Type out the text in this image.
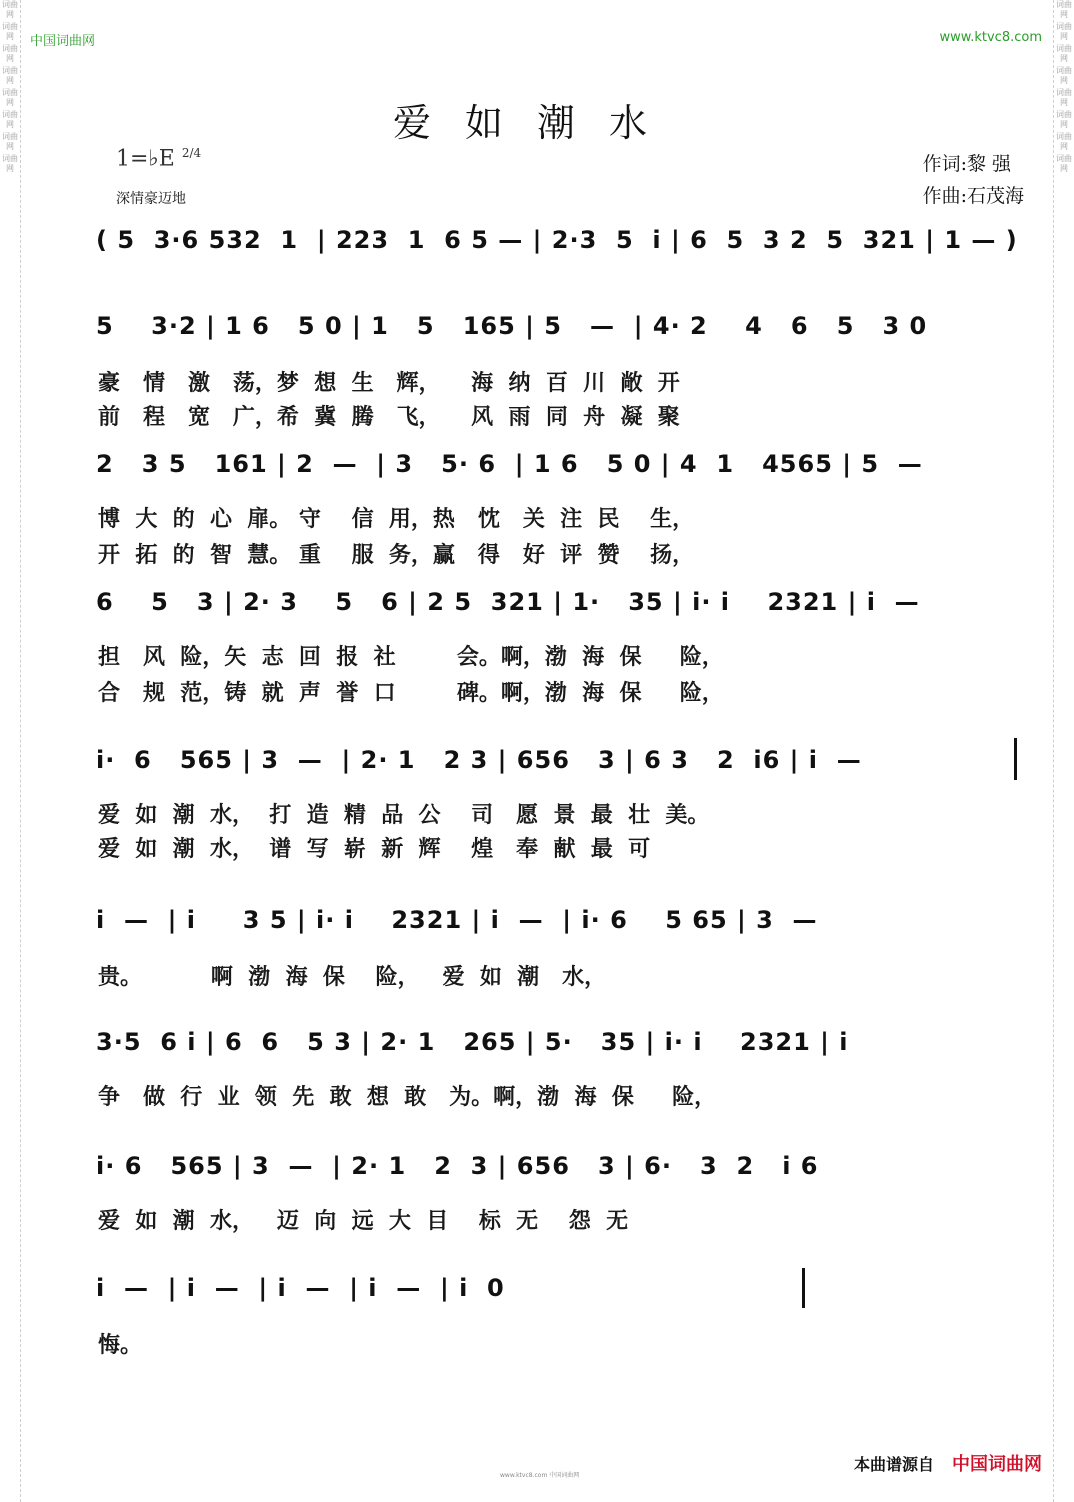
词曲网
词曲网
词曲网
词曲网
词曲网
词曲网
词曲网
词曲网
词曲网
词曲网
词曲网
词曲网
词曲网
词曲网
词曲网
词曲网
中国词曲网	www.ktvc8.com
爱如潮水
1=♭E $^{2/4}$
深情豪迈地
作词:黎 强
作曲:石茂海
( 5  3·6 532  1  | 223  1  6 5 — | 2·3  5  i | 6  5  3 2  5  321 | 1 — )
5    3·2 | 1 6   5 0 | 1   5   165 | 5   —  | 4· 2    4   6   5   3 0
豪   情   激   荡，梦  想  生   辉，    海  纳  百  川  敞  开
前   程   宽   广，希  冀  腾   飞，    风  雨  同  舟  凝  聚
2   3 5   161 | 2  —  | 3   5· 6  | 1 6   5 0 | 4  1   4565 | 5  —
博  大  的  心  扉。 守    信  用，热   忱   关  注  民    生，
开  拓  的  智  慧。 重    服  务，赢   得   好  评  赞    扬，
6    5   3 | 2· 3    5   6 | 2 5  321 | 1·   35 | i· i    2321 | i  —
担   风  险，矢  志  回  报  社        会。啊，渤  海  保     险，
合   规  范，铸  就  声  誉  口        碑。啊，渤  海  保     险，
i·  6   565 | 3  —  | 2· 1   2 3 | 656   3 | 6 3   2  i6 | i  —
爱  如  潮  水，  打  造  精  品  公    司   愿  景  最  壮  美。
爱  如  潮  水，  谱  写  崭  新  辉    煌   奉  献  最  可
i  —  | i     3 5 | i· i    2321 | i  —  | i· 6    5 65 | 3  —
贵。         啊  渤  海  保    险，   爱  如  潮   水，
3·5  6 i | 6  6   5 3 | 2· 1   265 | 5·   35 | i· i    2321 | i
争   做  行  业  领  先  敢  想  敢   为。啊，渤  海  保     险，
i· 6   565 | 3  —  | 2· 1   2  3 | 656   3 | 6·   3  2   i 6
爱  如  潮  水，   迈  向  远  大  目    标  无    怨  无
i  —  | i  —  | i  —  | i  —  | i  0
悔。
本曲谱源自 中国词曲网
www.ktvc8.com 中国词曲网
